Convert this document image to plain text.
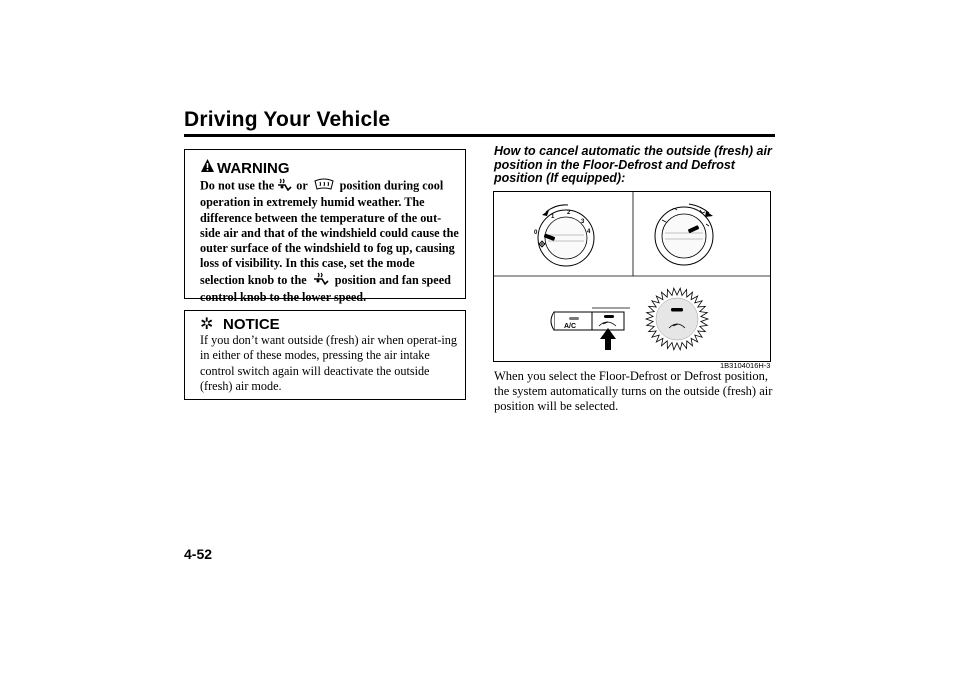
Driving Your Vehicle
WARNING
Do not use the or	position during cool operation in extremely humid weather. The difference between the temperature of the out-side air and that of the windshield could cause the outer surface of the windshield to fog up, causing loss of visibility. In this case, set the mode selection knob to the position and fan speed control knob to the lower speed.
✲ NOTICE
If you don’t want outside (fresh) air when operat-ing in either of these modes, pressing the air intake control switch again will deactivate the outside (fresh) air mode.
How to cancel automatic the outside (fresh) air position in the Floor-Defrost and Defrost position (If equipped):
0
1
2
3
4
A/C
1B3104016H-3
When you select the Floor-Defrost or Defrost position, the system automatically turns on the outside (fresh) air position will be selected.
4-52
